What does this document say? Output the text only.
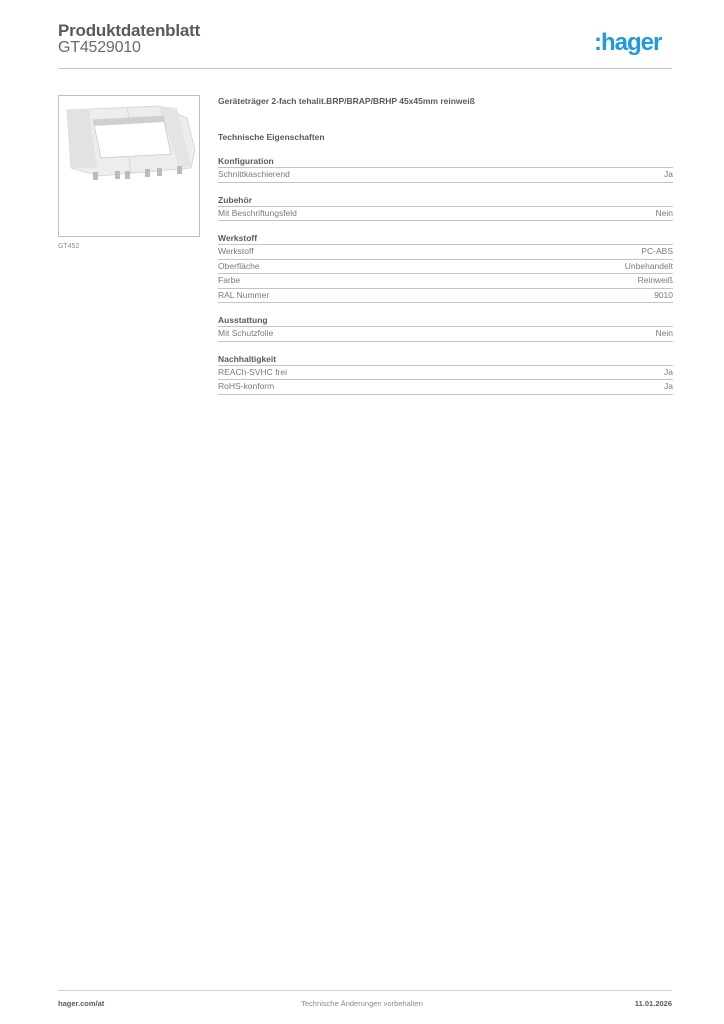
Produktdatenblatt
GT4529010	:hager
GT452
Geräteträger 2-fach tehalit.BRP/BRAP/BRHP 45x45mm reinweiß
Technische Eigenschaften
Konfiguration
Schnittkaschierend	Ja
Zubehör
Mit Beschriftungsfeld	Nein
Werkstoff
Werkstoff	PC-ABS
Oberfläche	Unbehandelt
Farbe	Reinweiß
RAL Nummer	9010
Ausstattung
Mit Schutzfolie	Nein
Nachhaltigkeit
REACh-SVHC frei	Ja
RoHS-konform	Ja
hager.com/at	Technische Änderungen vorbehalten	11.01.2026
